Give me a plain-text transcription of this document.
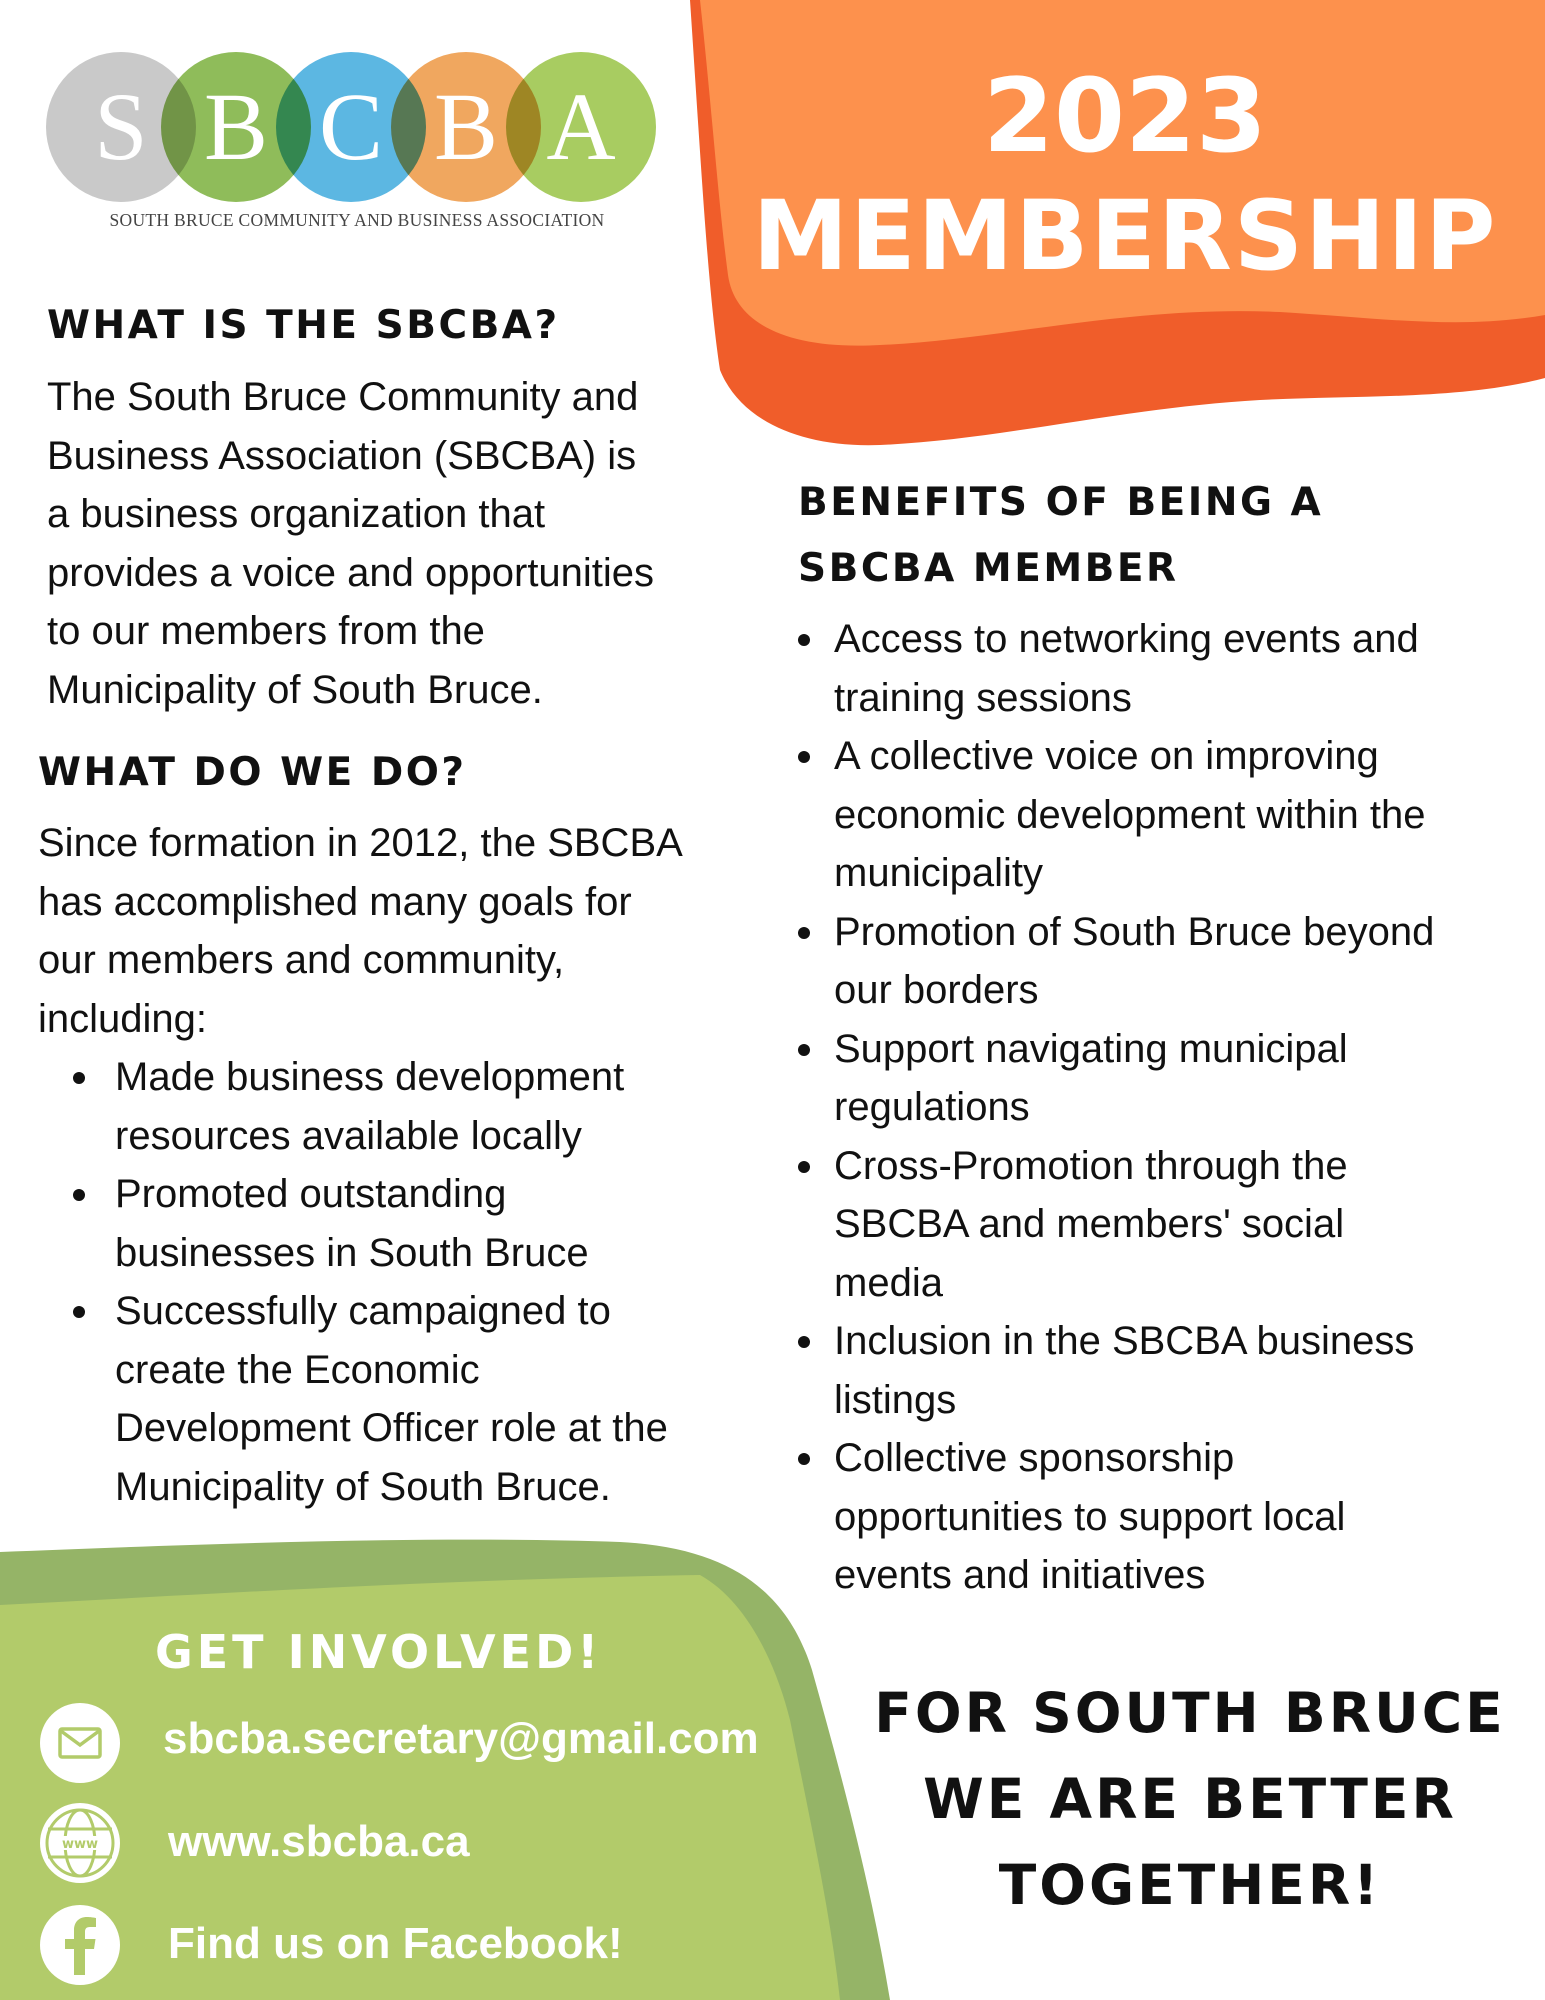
S B C B A
SOUTH BRUCE COMMUNITY AND BUSINESS ASSOCIATION
2023
MEMBERSHIP
WHAT IS THE SBCBA?
The South Bruce Community and
Business Association (SBCBA) is
a business organization that
provides a voice and opportunities
to our members from the
Municipality of South Bruce.
WHAT DO WE DO?
Since formation in 2012, the SBCBA
has accomplished many goals for
our members and community,
including:
Made business development
resources available locally
Promoted outstanding
businesses in South Bruce
Successfully campaigned to
create the Economic
Development Officer role at the
Municipality of South Bruce.
BENEFITS OF BEING A
SBCBA MEMBER
Access to networking events and
training sessions
A collective voice on improving
economic development within the
municipality
Promotion of South Bruce beyond
our borders
Support navigating municipal
regulations
Cross-Promotion through the
SBCBA and members' social
media
Inclusion in the SBCBA business
listings
Collective sponsorship
opportunities to support local
events and initiatives
GET INVOLVED!
sbcba.secretary@gmail.com
www www.sbcba.ca
Find us on Facebook!
FOR SOUTH BRUCE
WE ARE BETTER
TOGETHER!
